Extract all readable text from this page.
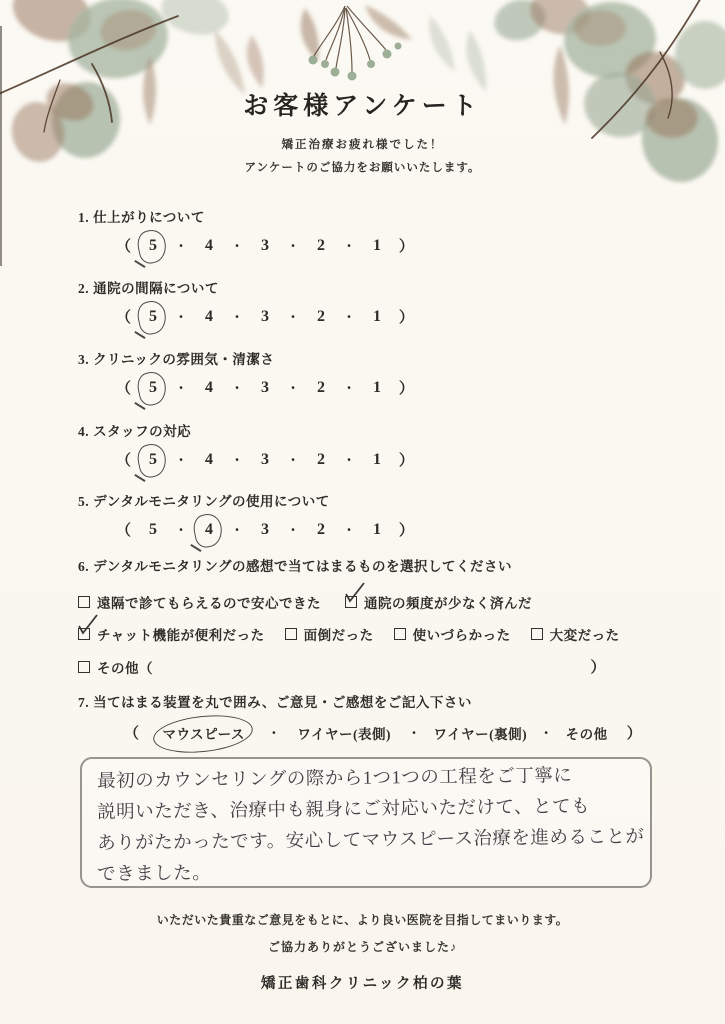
お客様アンケート
矯正治療お疲れ様でした！
アンケートのご協力をお願いいたします。
1. 仕上がりについて
（	5	・	4	・	3	・	2	・	1	）
2. 通院の間隔について
（	5	・	4	・	3	・	2	・	1	）
3. クリニックの雰囲気・清潔さ
（	5	・	4	・	3	・	2	・	1	）
4. スタッフの対応
（	5	・	4	・	3	・	2	・	1	）
5. デンタルモニタリングの使用について
（	5	・	4	・	3	・	2	・	1	）
6. デンタルモニタリングの感想で当てはまるものを選択してください
遠隔で診てもらえるので安心できた	通院の頻度が少なく済んだ
チャット機能が便利だった	面倒だった	使いづらかった	大変だった
その他（	）
7. 当てはまる装置を丸で囲み、ご意見・ご感想をご記入下さい
（ マウスピース ・ ワイヤー(表側) ・ ワイヤー(裏側) ・ その他 ）
最初のカウンセリングの際から1つ1つの工程をご丁寧に
説明いただき、治療中も親身にご対応いただけて、とても
ありがたかったです。安心してマウスピース治療を進めることが
できました。
いただいた貴重なご意見をもとに、より良い医院を目指してまいります。
ご協力ありがとうございました♪
矯正歯科クリニック柏の葉
